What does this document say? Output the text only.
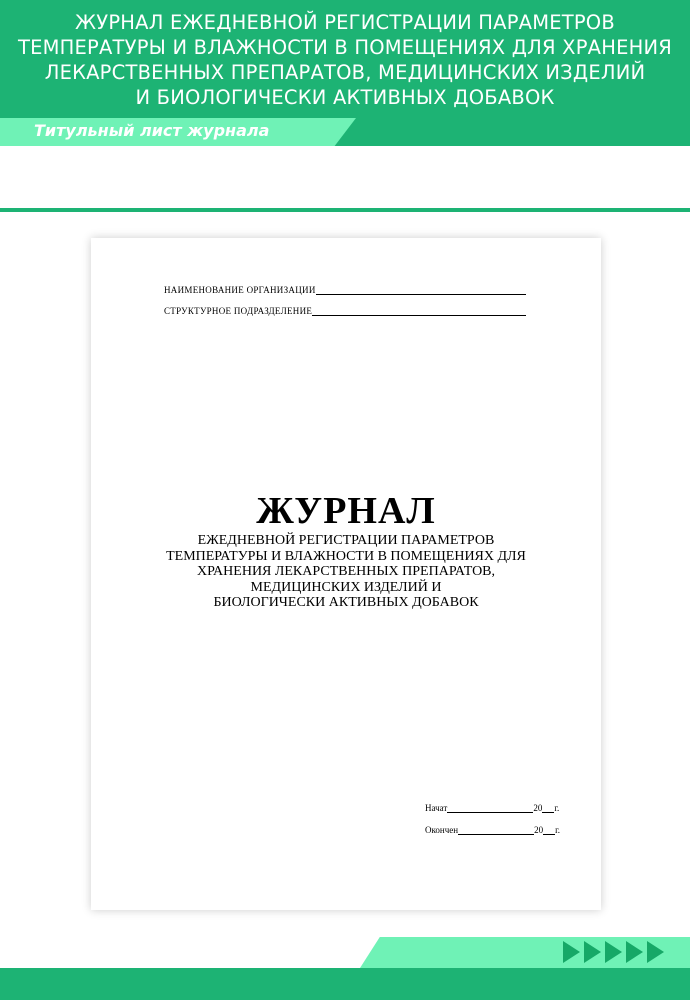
ЖУРНАЛ ЕЖЕДНЕВНОЙ РЕГИСТРАЦИИ ПАРАМЕТРОВ
ТЕМПЕРАТУРЫ И ВЛАЖНОСТИ В ПОМЕЩЕНИЯХ ДЛЯ ХРАНЕНИЯ
ЛЕКАРСТВЕННЫХ ПРЕПАРАТОВ, МЕДИЦИНСКИХ ИЗДЕЛИЙ
И БИОЛОГИЧЕСКИ АКТИВНЫХ ДОБАВОК
Титульный лист журнала
НАИМЕНОВАНИЕ ОРГАНИЗАЦИИ
СТРУКТУРНОЕ ПОДРАЗДЕЛЕНИЕ
ЖУРНАЛ
ЕЖЕДНЕВНОЙ РЕГИСТРАЦИИ ПАРАМЕТРОВ
ТЕМПЕРАТУРЫ И ВЛАЖНОСТИ В ПОМЕЩЕНИЯХ ДЛЯ
ХРАНЕНИЯ ЛЕКАРСТВЕННЫХ ПРЕПАРАТОВ,
МЕДИЦИНСКИХ ИЗДЕЛИЙ И
БИОЛОГИЧЕСКИ АКТИВНЫХ ДОБАВОК
Начат	20 г.
Окончен	20 г.
